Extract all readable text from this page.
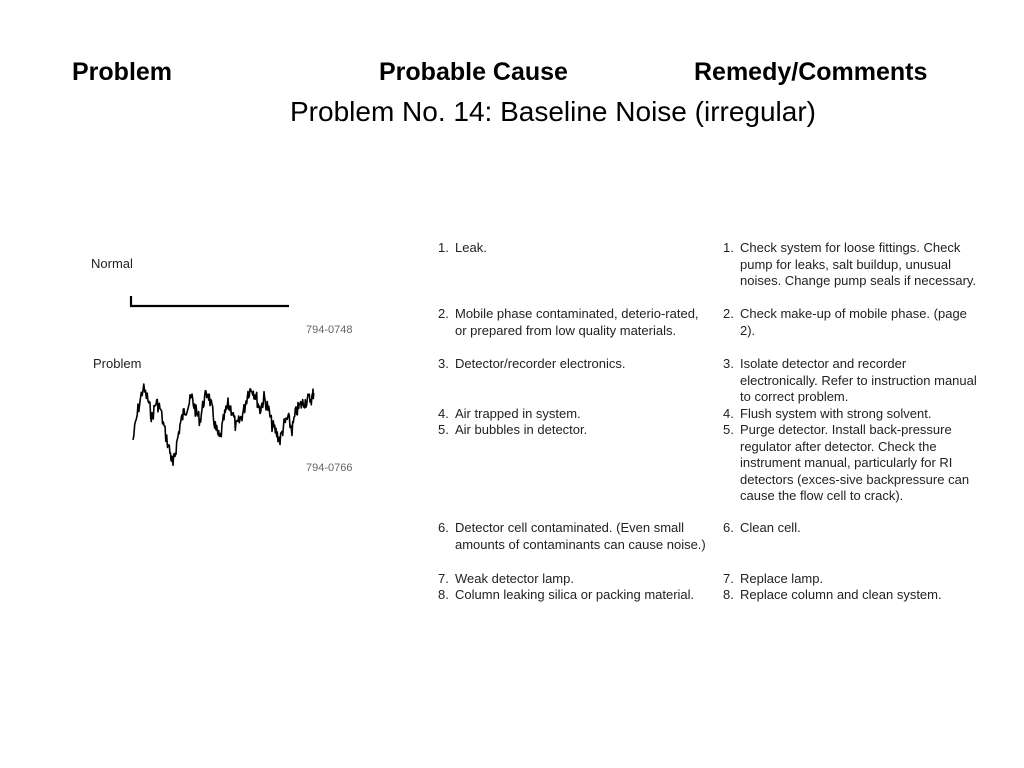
Problem	Probable Cause	Remedy/Comments
Problem No. 14: Baseline Noise (irregular)
Normal
794-0748
Problem
794-0766
1. Leak.
2. Mobile phase contaminated, deterio-rated, or prepared from low quality materials.
3. Detector/recorder electronics.
4. Air trapped in system.
5. Air bubbles in detector.
6. Detector cell contaminated. (Even small amounts of contaminants can cause noise.)
7. Weak detector lamp.
8. Column leaking silica or packing material.
1. Check system for loose fittings. Check pump for leaks, salt buildup, unusual noises. Change pump seals if necessary.
2. Check make-up of mobile phase. (page 2).
3. Isolate detector and recorder electronically. Refer to instruction manual to correct problem.
4. Flush system with strong solvent.
5. Purge detector. Install back-pressure regulator after detector. Check the instrument manual, particularly for RI detectors (exces-sive backpressure can cause the flow cell to crack).
6. Clean cell.
7. Replace lamp.
8. Replace column and clean system.
